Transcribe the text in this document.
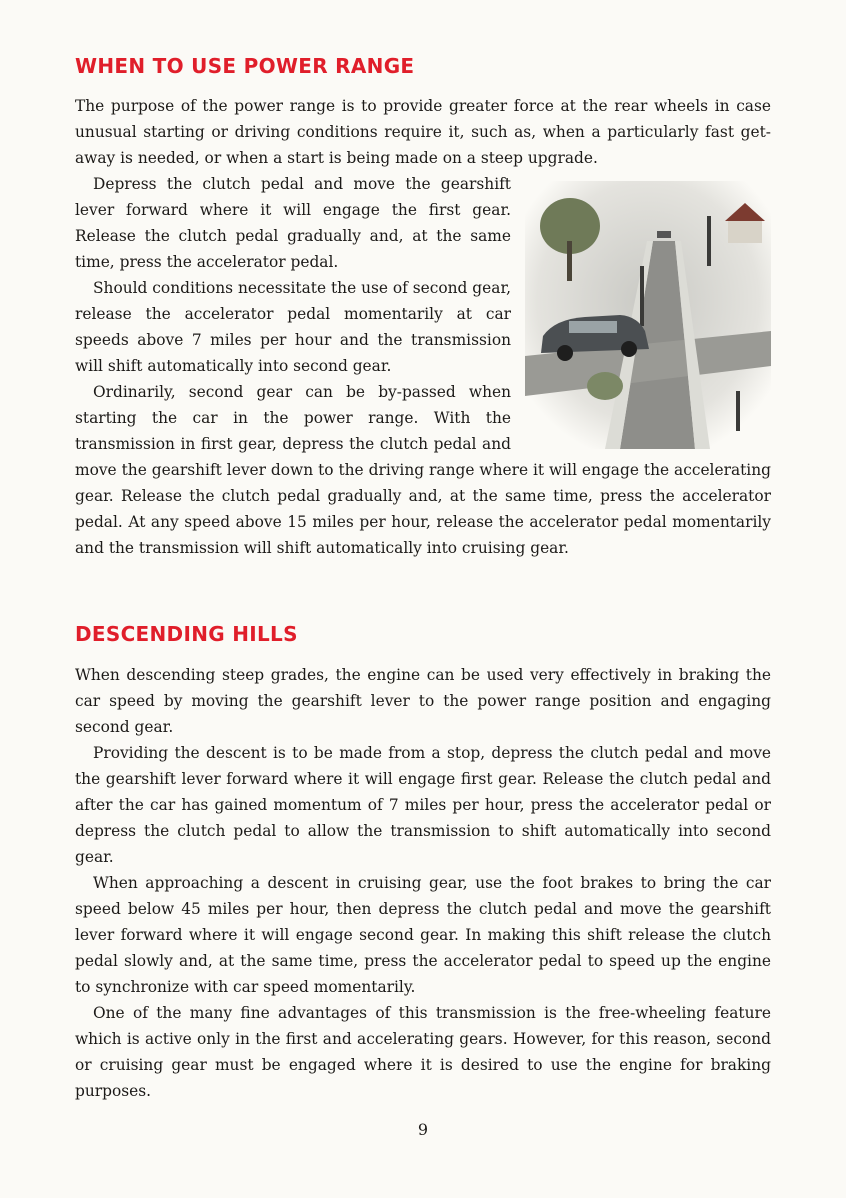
WHEN TO USE POWER RANGE

The purpose of the power range is to provide greater force at the rear wheels in case unusual starting or driving conditions require it, such as, when a particularly fast get-away is needed, or when a start is being made on a steep upgrade.

Depress the clutch pedal and move the gearshift lever forward where it will engage the first gear. Release the clutch pedal gradually and, at the same time, press the accelerator pedal.

Should conditions necessitate the use of second gear, release the accelerator pedal momentarily at car speeds above 7 miles per hour and the transmission will shift automatically into second gear.

Ordinarily, second gear can be by-passed when starting the car in the power range. With the transmission in first gear, depress the clutch pedal and move the gearshift lever down to the driving range where it will engage the accelerating gear. Release the clutch pedal gradually and, at the same time, press the accelerator pedal. At any speed above 15 miles per hour, release the accelerator pedal momentarily and the transmission will shift automatically into cruising gear.

DESCENDING HILLS

When descending steep grades, the engine can be used very effectively in braking the car speed by moving the gearshift lever to the power range position and engaging second gear.

Providing the descent is to be made from a stop, depress the clutch pedal and move the gearshift lever forward where it will engage first gear. Release the clutch pedal and after the car has gained momentum of 7 miles per hour, press the accelerator pedal or depress the clutch pedal to allow the transmission to shift automatically into second gear.

When approaching a descent in cruising gear, use the foot brakes to bring the car speed below 45 miles per hour, then depress the clutch pedal and move the gearshift lever forward where it will engage second gear. In making this shift release the clutch pedal slowly and, at the same time, press the accelerator pedal to speed up the engine to synchronize with car speed momentarily.

One of the many fine advantages of this transmission is the free-wheeling feature which is active only in the first and accelerating gears. However, for this reason, second or cruising gear must be engaged where it is desired to use the engine for braking purposes.

9
